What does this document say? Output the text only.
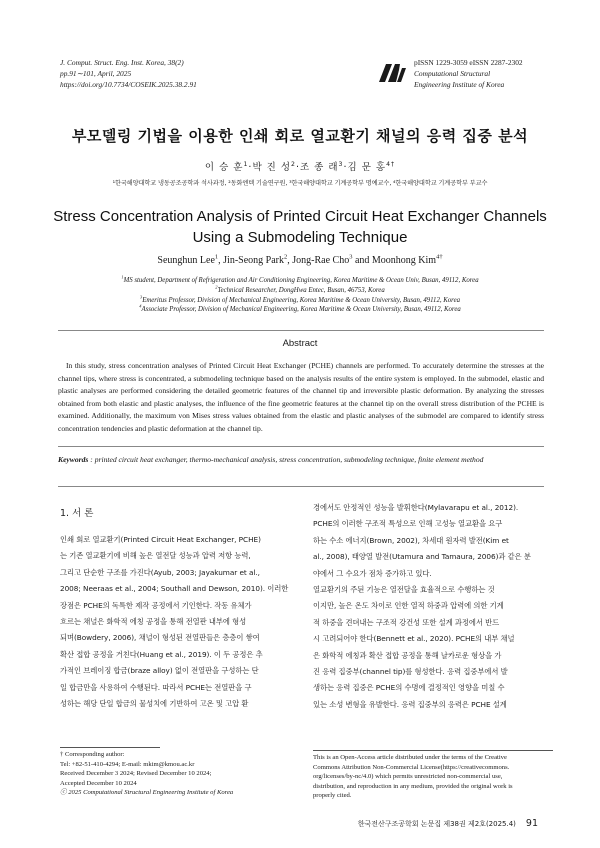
J. Comput. Struct. Eng. Inst. Korea, 38(2)
pp.91∼101, April, 2025
https://doi.org/10.7734/COSEIK.2025.38.2.91
pISSN 1229-3059 eISSN 2287-2302
Computational Structural
Engineering Institute of Korea
부모델링 기법을 이용한 인쇄 회로 열교환기 채널의 응력 집중 분석
이 승 훈$^1$·박 진 성$^2$·조 종 래$^3$·김 문 홍$^{4\dagger}$
¹한국해양대학교 냉동공조공학과 석사과정, ²동화엔텍 기술연구원, ³한국해양대학교 기계공학부 명예교수, ⁴한국해양대학교 기계공학부 부교수
Stress Concentration Analysis of Printed Circuit Heat Exchanger Channels
Using a Submodeling Technique
Seunghun Lee$^1$, Jin-Seong Park$^2$, Jong-Rae Cho$^3$ and Moonhong Kim$^{4\dagger}$
$^1$MS student, Department of Refrigeration and Air Conditioning Engineering, Korea Maritime & Ocean Univ, Busan, 49112, Korea
$^2$Technical Researcher, DongHwa Entec, Busan, 46753, Korea
$^3$Emeritus Professor, Division of Mechanical Engineering, Korea Maritime & Ocean University, Busan, 49112, Korea
$^4$Associate Professor, Division of Mechanical Engineering, Korea Maritime & Ocean University, Busan, 49112, Korea
Abstract
In this study, stress concentration analyses of Printed Circuit Heat Exchanger (PCHE) channels are performed. To accurately determine the stresses at the channel tips, where stress is concentrated, a submodeling technique based on the analysis results of the entire system is employed. In the submodel, elastic and plastic analyses are performed considering the detailed geometric features of the channel tip and irreversible plastic deformation. By analyzing the stresses obtained from both elastic and plastic analyses, the influence of the fine geometric features at the channel tip on the overall stress distribution of the PCHE is examined. Additionally, the maximum von Mises stress values obtained from the elastic and plastic analyses of the submodel are compared to identify stress concentration tendencies and plastic deformation at the channel tip.
Keywords : printed circuit heat exchanger, thermo-mechanical analysis, stress concentration, submodeling technique, finite element method
1. 서 론
인쇄 회로 열교환기(Printed Circuit Heat Exchanger, PCHE)
는 기존 열교환기에 비해 높은 열전달 성능과 압력 저항 능력,
그리고 단순한 구조를 가진다(Ayub, 2003; Jayakumar et al.,
2008; Neeraas et al., 2004; Southall and Dewson, 2010). 이러한
장점은 PCHE의 독특한 제작 공정에서 기인한다. 작동 유체가
흐르는 채널은 화학적 에칭 공정을 통해 전열판 내부에 형성
되며(Bowdery, 2006), 채널이 형성된 전열판들은 층층이 쌓여
확산 접합 공정을 거친다(Huang et al., 2019). 이 두 공정은 추
가적인 브레이징 합금(braze alloy) 없이 전열판을 구성하는 단
일 합금만을 사용하여 수행된다. 따라서 PCHE는 전열판을 구
성하는 해당 단일 합금의 물성치에 기반하여 고온 및 고압 환
경에서도 안정적인 성능을 발휘한다(Mylavarapu et al., 2012).
PCHE의 이러한 구조적 특성으로 인해 고성능 열교환을 요구
하는 수소 에너지(Brown, 2002), 차세대 원자력 발전(Kim et
al., 2008), 태양열 발전(Utamura and Tamaura, 2006)과 같은 분
야에서 그 수요가 점차 증가하고 있다.
열교환기의 주된 기능은 열전달을 효율적으로 수행하는 것
이지만, 높은 온도 차이로 인한 열적 하중과 압력에 의한 기계
적 하중을 견뎌내는 구조적 강건성 또한 설계 과정에서 반드
시 고려되어야 한다(Bennett et al., 2020). PCHE의 내부 채널
은 화학적 에칭과 확산 접합 공정을 통해 날카로운 형상을 가
진 응력 집중부(channel tip)를 형성한다. 응력 집중부에서 발
생하는 응력 집중은 PCHE의 수명에 결정적인 영향을 미칠 수
있는 소성 변형을 유발한다. 응력 집중부의 응력은 PCHE 설계
† Corresponding author:
Tel: +82-51-410-4294; E-mail: mkim@kmou.ac.kr
Received December 3 2024; Revised December 10 2024;
Accepted December 10 2024
ⓒ 2025 Computational Structural Engineering Institute of Korea
This is an Open-Access article distributed under the terms of the Creative
Commons Attribution Non-Commercial License(https://creativecommons.
org/licenses/by-nc/4.0) which permits unrestricted non-commercial use,
distribution, and reproduction in any medium, provided the original work is
properly cited.
한국전산구조공학회 논문집 제38권 제2호(2025.4) 91
